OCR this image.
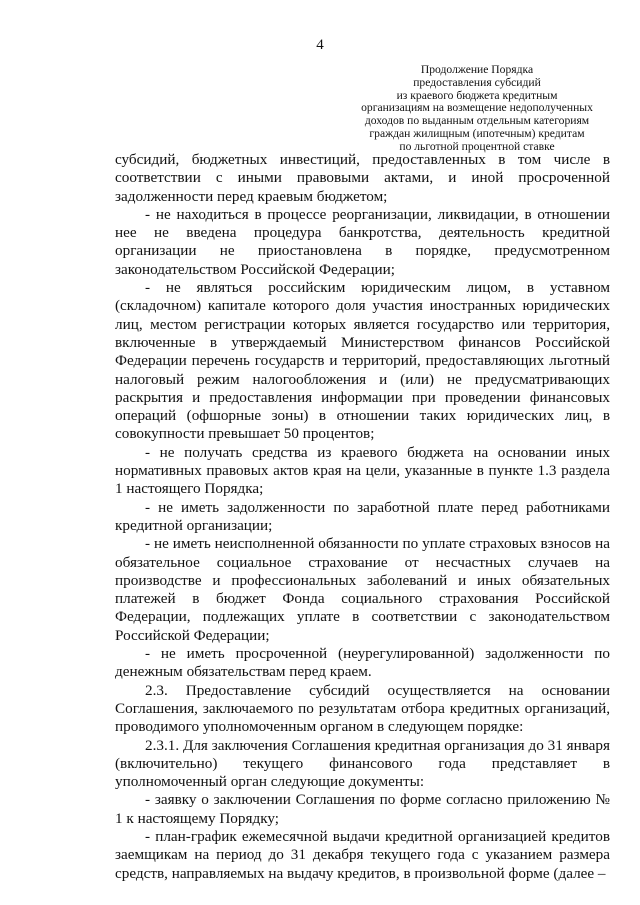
4
Продолжение Порядка
предоставления субсидий
из краевого бюджета кредитным
организациям на возмещение недополученных
доходов по выданным отдельным категориям
граждан жилищным (ипотечным) кредитам
по льготной процентной ставке

субсидий, бюджетных инвестиций, предоставленных в том числе в соответствии с иными правовыми актами, и иной просроченной задолженности перед краевым бюджетом;

- не находиться в процессе реорганизации, ликвидации, в отношении нее не введена процедура банкротства, деятельность кредитной организации не приостановлена в порядке, предусмотренном законодательством Российской Федерации;

- не являться российским юридическим лицом, в уставном (складочном) капитале которого доля участия иностранных юридических лиц, местом регистрации которых является государство или территория, включенные в утверждаемый Министерством финансов Российской Федерации перечень государств и территорий, предоставляющих льготный налоговый режим налогообложения и (или) не предусматривающих раскрытия и предоставления информации при проведении финансовых операций (офшорные зоны) в отношении таких юридических лиц, в совокупности превышает 50 процентов;

- не получать средства из краевого бюджета на основании иных нормативных правовых актов края на цели, указанные в пункте 1.3 раздела 1 настоящего Порядка;

- не иметь задолженности по заработной плате перед работниками кредитной организации;

- не иметь неисполненной обязанности по уплате страховых взносов на обязательное социальное страхование от несчастных случаев на производстве и профессиональных заболеваний и иных обязательных платежей в бюджет Фонда социального страхования Российской Федерации, подлежащих уплате в соответствии с законодательством Российской Федерации;

- не иметь просроченной (неурегулированной) задолженности по денежным обязательствам перед краем.

2.3. Предоставление субсидий осуществляется на основании Соглашения, заключаемого по результатам отбора кредитных организаций, проводимого уполномоченным органом в следующем порядке:

2.3.1. Для заключения Соглашения кредитная организация до 31 января (включительно) текущего финансового года представляет в уполномоченный орган следующие документы:

- заявку о заключении Соглашения по форме согласно приложению № 1 к настоящему Порядку;

- план-график ежемесячной выдачи кредитной организацией кредитов заемщикам на период до 31 декабря текущего года с указанием размера средств, направляемых на выдачу кредитов, в произвольной форме (далее –
